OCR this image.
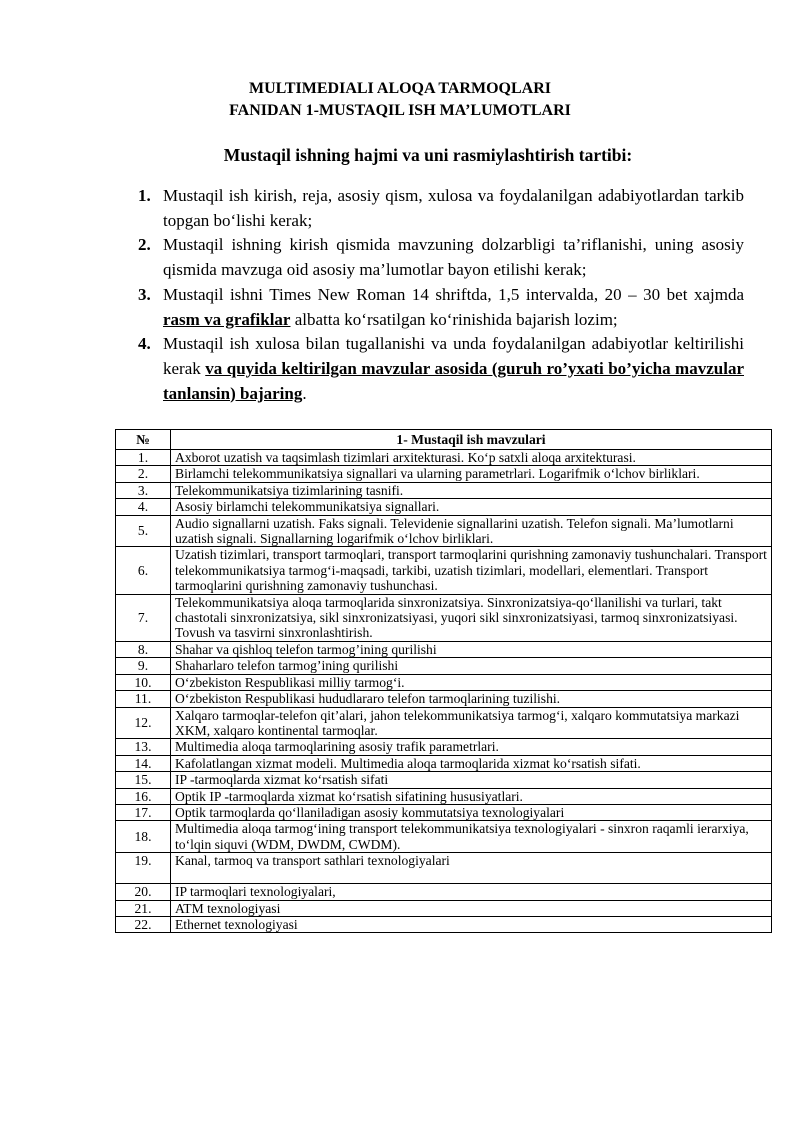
MULTIMEDIALI ALOQA TARMOQLARI
FANIDAN 1-MUSTAQIL ISH MA’LUMOTLARI
Mustaqil ishning hajmi va uni rasmiylashtirish tartibi:
1. Mustaqil ish kirish, reja, asosiy qism, xulosa va foydalanilgan adabiyotlardan tarkib topgan bo‘lishi kerak;
2. Mustaqil ishning kirish qismida mavzuning dolzarbligi ta’riflanishi, uning asosiy qismida mavzuga oid asosiy ma’lumotlar bayon etilishi kerak;
3. Mustaqil ishni Times New Roman 14 shriftda, 1,5 intervalda, 20 – 30 bet xajmda rasm va grafiklar albatta ko‘rsatilgan ko‘rinishida bajarish lozim;
4. Mustaqil ish xulosa bilan tugallanishi va unda foydalanilgan adabiyotlar keltirilishi kerak va quyida keltirilgan mavzular asosida (guruh ro’yxati bo’yicha mavzular tanlansin) bajaring.
№	1- Mustaqil ish mavzulari
1.	Axborot uzatish va taqsimlash tizimlari arxitekturasi. Ko‘p satxli aloqa arxitekturasi.
2.	Birlamchi telekommunikatsiya signallari va ularning parametrlari. Logarifmik o‘lchov birliklari.
3.	Telekommunikatsiya tizimlarining tasnifi.
4.	Asosiy birlamchi telekommunikatsiya signallari.
5.	Audio signallarni uzatish. Faks signali. Televidenie signallarini uzatish. Telefon signali. Ma’lumotlarni uzatish signali. Signallarning logarifmik o‘lchov birliklari.
6.	Uzatish tizimlari, transport tarmoqlari, transport tarmoqlarini qurishning zamonaviy tushunchalari. Transport telekommunikatsiya tarmog‘i-maqsadi, tarkibi, uzatish tizimlari, modellari, elementlari. Transport tarmoqlarini qurishning zamonaviy tushunchasi.
7.	Telekommunikatsiya aloqa tarmoqlarida sinxronizatsiya. Sinxronizatsiya-qo‘llanilishi va turlari, takt chastotali sinxronizatsiya, sikl sinxronizatsiyasi, yuqori sikl sinxronizatsiyasi, tarmoq sinxronizatsiyasi. Tovush va tasvirni sinxronlashtirish.
8.	Shahar va qishloq telefon tarmog’ining qurilishi
9.	Shaharlaro telefon tarmog’ining qurilishi
10.	O‘zbekiston Respublikasi milliy tarmog‘i.
11.	O‘zbekiston Respublikasi hududlararo telefon tarmoqlarining tuzilishi.
12.	Xalqaro tarmoqlar-telefon qit’alari, jahon telekommunikatsiya tarmog‘i, xalqaro kommutatsiya markazi XKM, xalqaro kontinental tarmoqlar.
13.	Multimedia aloqa tarmoqlarining asosiy trafik parametrlari.
14.	Kafolatlangan xizmat modeli. Multimedia aloqa tarmoqlarida xizmat ko‘rsatish sifati.
15.	IP -tarmoqlarda xizmat ko‘rsatish sifati
16.	Optik IP -tarmoqlarda xizmat ko‘rsatish sifatining hususiyatlari.
17.	Optik tarmoqlarda qo‘llaniladigan asosiy kommutatsiya texnologiyalari
18.	Multimedia aloqa tarmog‘ining transport telekommunikatsiya texnologiyalari - sinxron raqamli ierarxiya, to‘lqin siquvi (WDM, DWDM, CWDM).
19.	Kanal, tarmoq va transport sathlari texnologiyalari
20.	IP tarmoqlari texnologiyalari,
21.	ATM texnologiyasi
22.	Ethernet texnologiyasi
